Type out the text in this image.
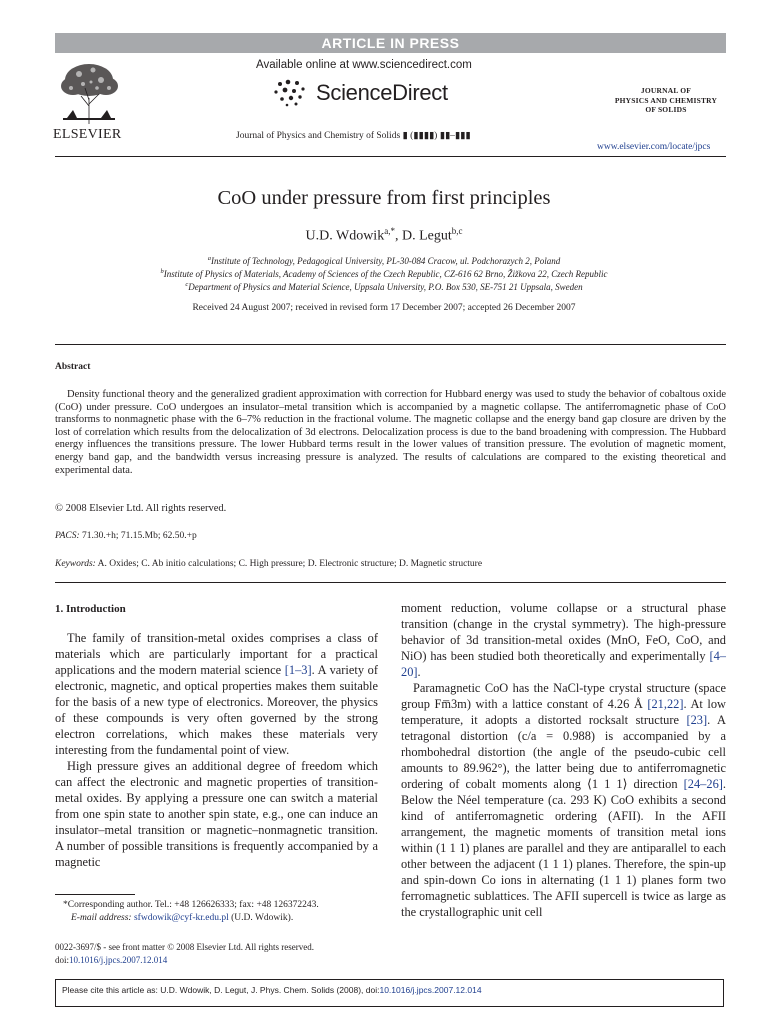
ARTICLE IN PRESS
ELSEVIER
Available online at www.sciencedirect.com
ScienceDirect
Journal of Physics and Chemistry of Solids ▮ (▮▮▮▮) ▮▮–▮▮▮
JOURNAL OF
PHYSICS AND CHEMISTRY
OF SOLIDS
www.elsevier.com/locate/jpcs
CoO under pressure from first principles
U.D. Wdowik$^{a,*}$, D. Legut$^{b,c}$
$^a$Institute of Technology, Pedagogical University, PL-30-084 Cracow, ul. Podchorazych 2, Poland
$^b$Institute of Physics of Materials, Academy of Sciences of the Czech Republic, CZ-616 62 Brno, Žižkova 22, Czech Republic
$^c$Department of Physics and Material Science, Uppsala University, P.O. Box 530, SE-751 21 Uppsala, Sweden
Received 24 August 2007; received in revised form 17 December 2007; accepted 26 December 2007
Abstract
Density functional theory and the generalized gradient approximation with correction for Hubbard energy was used to study the behavior of cobaltous oxide (CoO) under pressure. CoO undergoes an insulator–metal transition which is accompanied by a magnetic collapse. The antiferromagnetic phase of CoO transforms to nonmagnetic phase with the 6–7% reduction in the fractional volume. The magnetic collapse and the energy band gap closure are driven by the lost of correlation which results from the delocalization of 3d electrons. Delocalization process is due to the band broadening with compression. The Hubbard energy influences the transitions pressure. The lower Hubbard terms result in the lower values of transition pressure. The evolution of magnetic moment, energy band gap, and the bandwidth versus increasing pressure is analyzed. The results of calculations are compared to the existing theoretical and experimental data.
© 2008 Elsevier Ltd. All rights reserved.
PACS: 71.30.+h; 71.15.Mb; 62.50.+p
Keywords: A. Oxides; C. Ab initio calculations; C. High pressure; D. Electronic structure; D. Magnetic structure
1. Introduction

The family of transition-metal oxides comprises a class of materials which are particularly important for a practical applications and the modern material science [1–3]. A variety of electronic, magnetic, and optical properties makes them suitable for the basis of a new type of electronics. Moreover, the physics of these compounds is very often governed by the strong electron correlations, which makes these materials very interesting from the fundamental point of view.

High pressure gives an additional degree of freedom which can affect the electronic and magnetic properties of transition-metal oxides. By applying a pressure one can switch a material from one spin state to another spin state, e.g., one can induce an insulator–metal transition or magnetic–nonmagnetic transition. A number of possible transitions is frequently accompanied by a magnetic

moment reduction, volume collapse or a structural phase transition (change in the crystal symmetry). The high-pressure behavior of 3d transition-metal oxides (MnO, FeO, CoO, and NiO) has been studied both theoretically and experimentally [4–20].

Paramagnetic CoO has the NaCl-type crystal structure (space group Fm̅3m) with a lattice constant of 4.26 Å [21,22]. At low temperature, it adopts a distorted rocksalt structure [23]. A tetragonal distortion (c/a = 0.988) is accompanied by a rhombohedral distortion (the angle of the pseudo-cubic cell amounts to 89.962°), the latter being due to antiferromagnetic ordering of cobalt moments along ⟨1 1 1⟩ direction [24–26]. Below the Néel temperature (ca. 293 K) CoO exhibits a second kind of antiferromagnetic ordering (AFII). In the AFII arrangement, the magnetic moments of transition metal ions within (1 1 1) planes are parallel and they are antiparallel to each other between the adjacent (1 1 1) planes. Therefore, the spin-up and spin-down Co ions in alternating (1 1 1) planes form two ferromagnetic sublattices. The AFII supercell is twice as large as the crystallographic unit cell

*Corresponding author. Tel.: +48 126626333; fax: +48 126372243.
E-mail address: sfwdowik@cyf-kr.edu.pl (U.D. Wdowik).
0022-3697/$ - see front matter © 2008 Elsevier Ltd. All rights reserved.
doi:10.1016/j.jpcs.2007.12.014
Please cite this article as: U.D. Wdowik, D. Legut, J. Phys. Chem. Solids (2008), doi:10.1016/j.jpcs.2007.12.014
